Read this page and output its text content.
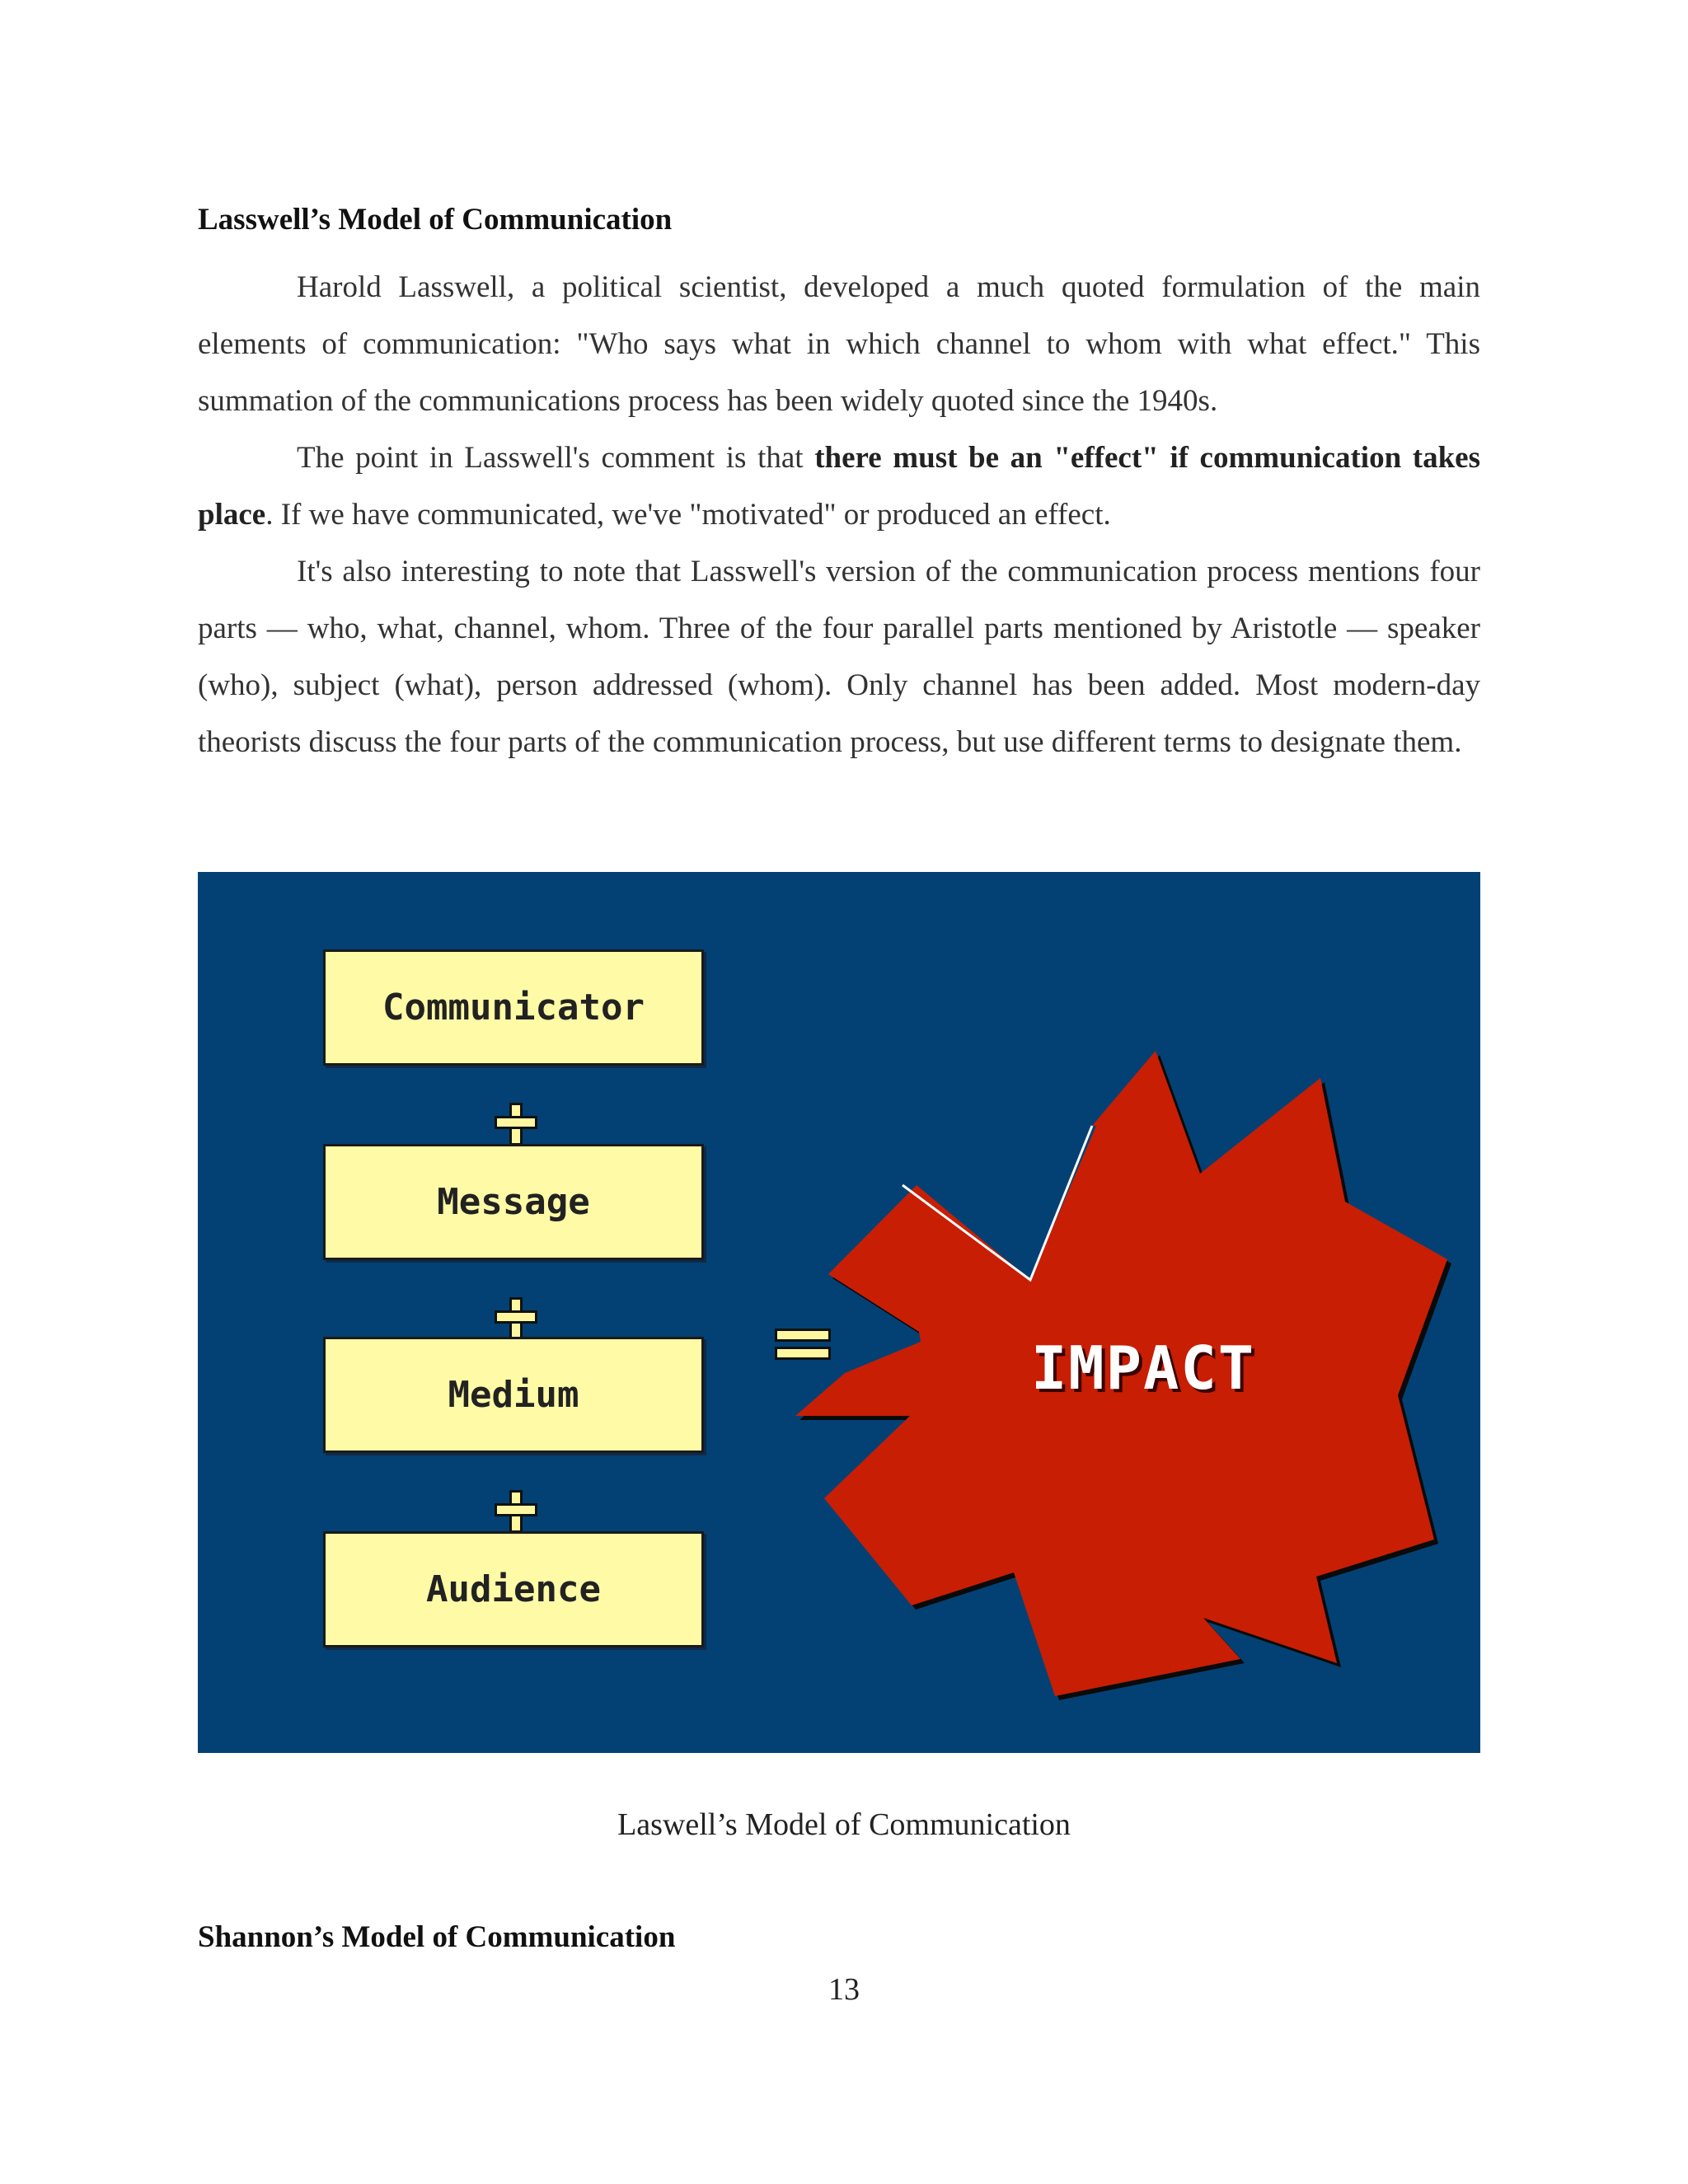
Lasswell’s Model of Communication

Harold Lasswell, a political scientist, developed a much quoted formulation of the main elements of communication: "Who says what in which channel to whom with what effect." This summation of the communications process has been widely quoted since the 1940s.

The point in Lasswell's comment is that there must be an "effect" if communication takes place. If we have communicated, we've "motivated" or produced an effect.

It's also interesting to note that Lasswell's version of the communication process mentions four parts — who, what, channel, whom. Three of the four parallel parts mentioned by Aristotle — speaker (who), subject (what), person addressed (whom). Only channel has been added. Most modern-day theorists discuss the four parts of the communication process, but use different terms to designate them.

Communicator
Message
Medium
Audience
IMPACT
Laswell’s Model of Communication
Shannon’s Model of Communication
13
